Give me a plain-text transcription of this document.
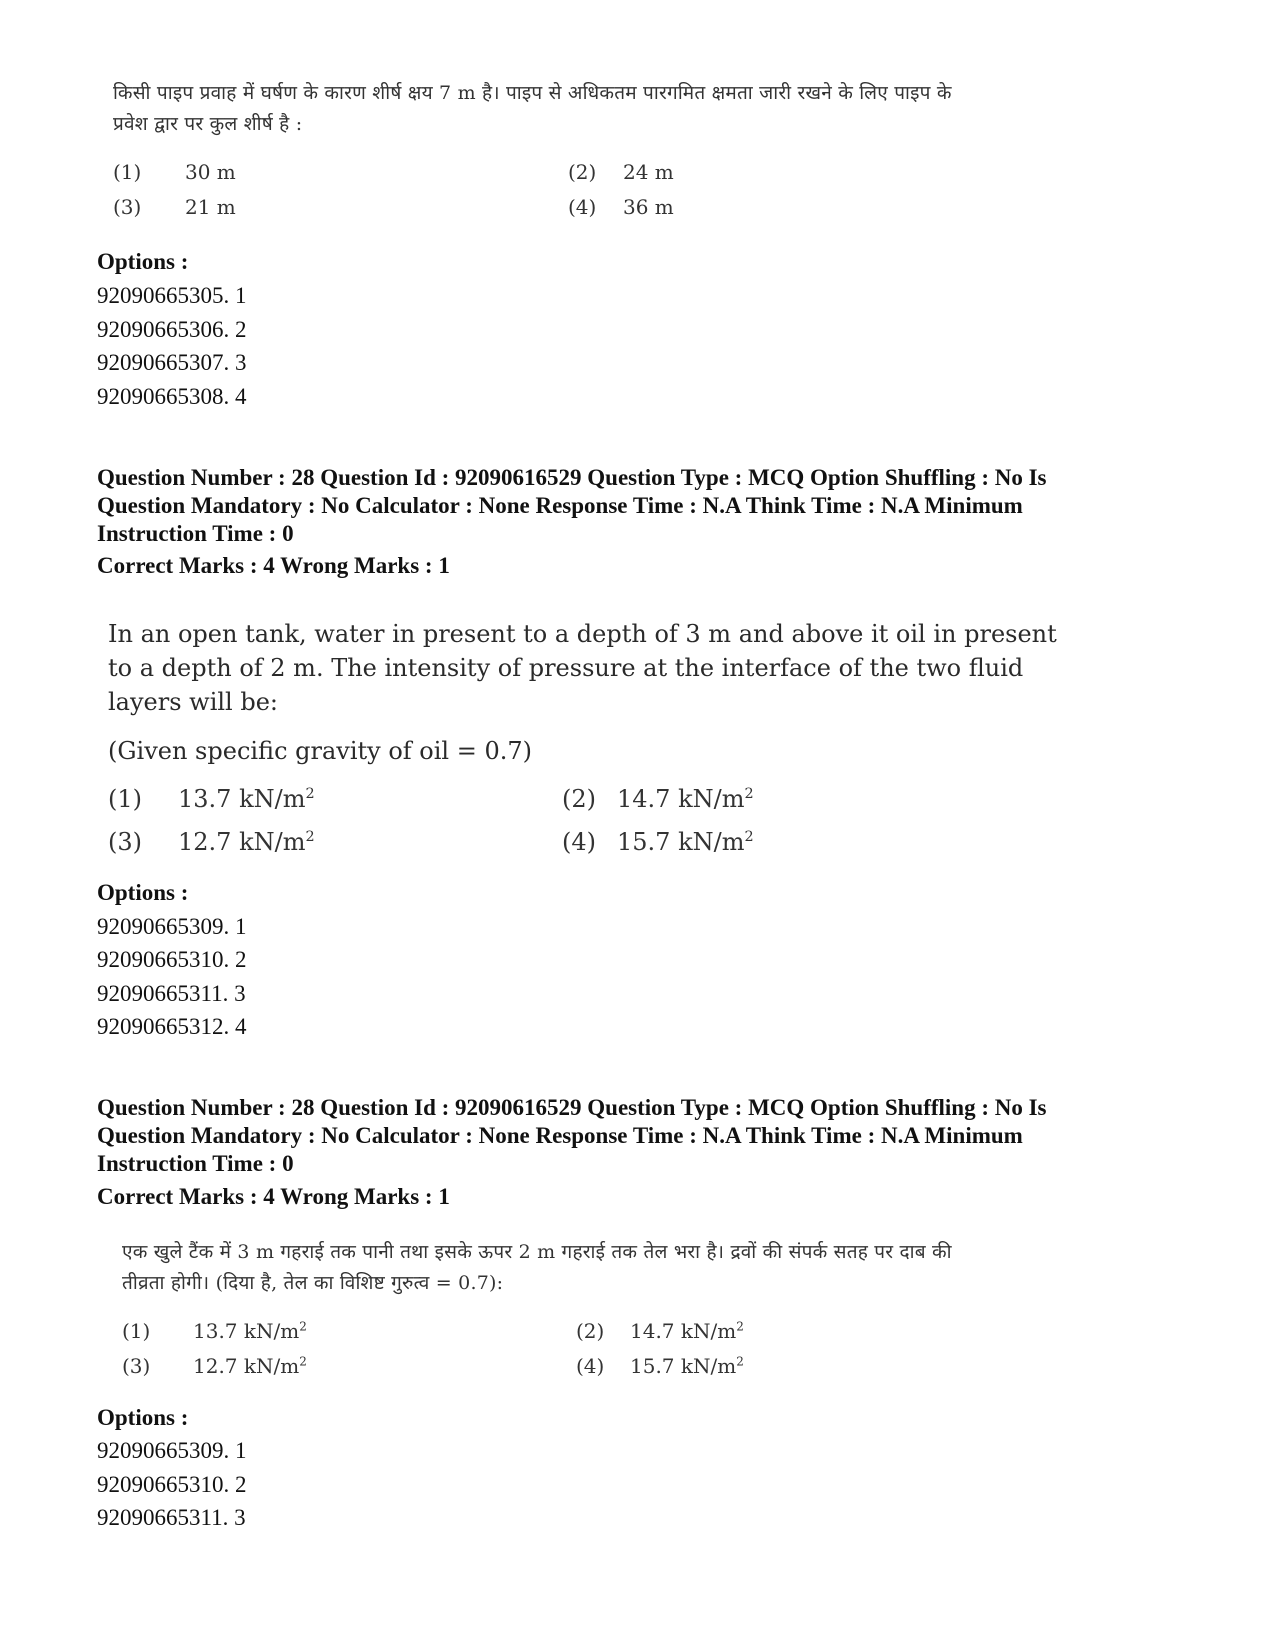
किसी पाइप प्रवाह में घर्षण के कारण शीर्ष क्षय 7 m है। पाइप से अधिकतम पारगमित क्षमता जारी रखने के लिए पाइप के
प्रवेश द्वार पर कुल शीर्ष है :
(1) 30 m	(2) 24 m
(3) 21 m	(4) 36 m
Options :
92090665305. 1
92090665306. 2
92090665307. 3
92090665308. 4
Question Number : 28 Question Id : 92090616529 Question Type : MCQ Option Shuffling : No Is
Question Mandatory : No Calculator : None Response Time : N.A Think Time : N.A Minimum
Instruction Time : 0
Correct Marks : 4 Wrong Marks : 1
In an open tank, water in present to a depth of 3 m and above it oil in present
to a depth of 2 m. The intensity of pressure at the interface of the two fluid
layers will be:
(Given specific gravity of oil = 0.7)
(1) 13.7 $kN/m^2$	(2) 14.7 $kN/m^2$
(3) 12.7 $kN/m^2$	(4) 15.7 $kN/m^2$
Options :
92090665309. 1
92090665310. 2
92090665311. 3
92090665312. 4
Question Number : 28 Question Id : 92090616529 Question Type : MCQ Option Shuffling : No Is
Question Mandatory : No Calculator : None Response Time : N.A Think Time : N.A Minimum
Instruction Time : 0
Correct Marks : 4 Wrong Marks : 1
एक खुले टैंक में 3 m गहराई तक पानी तथा इसके ऊपर 2 m गहराई तक तेल भरा है। द्रवों की संपर्क सतह पर दाब की
तीव्रता होगी। (दिया है, तेल का विशिष्ट गुरुत्व = 0.7):
(1) 13.7 $kN/m^2$	(2) 14.7 $kN/m^2$
(3) 12.7 $kN/m^2$	(4) 15.7 $kN/m^2$
Options :
92090665309. 1
92090665310. 2
92090665311. 3
